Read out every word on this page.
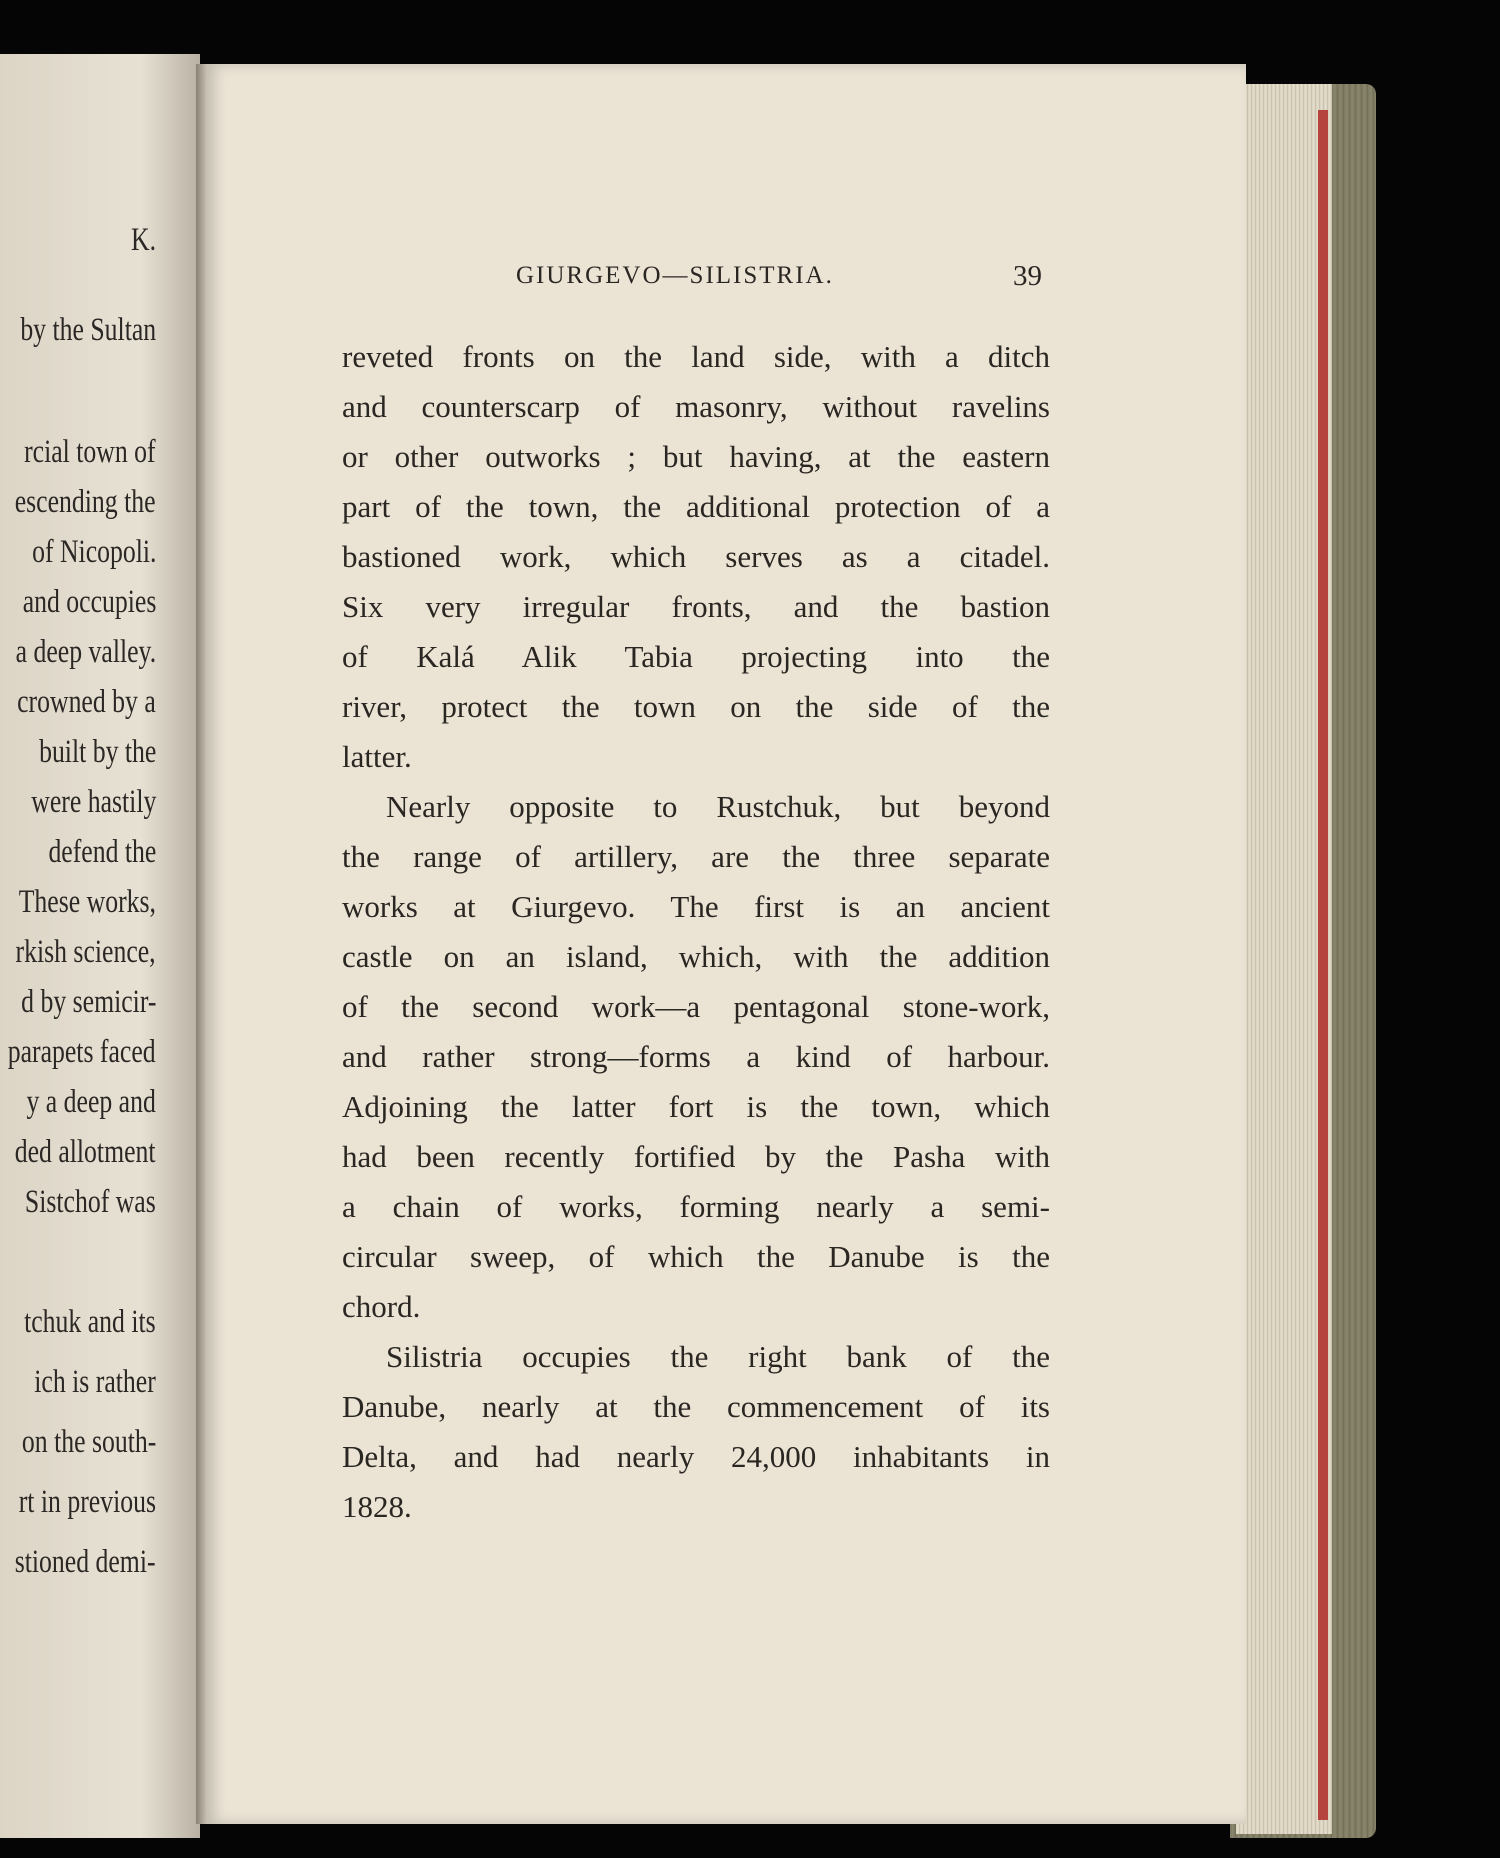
K.
by the Sultan
rcial town of
escending the
of Nicopoli.
and occupies
a deep valley.
crowned by a
built by the
were hastily
defend the
These works,
rkish science,
d by semicir-
parapets faced
y a deep and
ded allotment
Sistchof was
tchuk and its
ich is rather
on the south-
rt in previous
stioned demi-
GIURGEVO—SILISTRIA.	39
reveted fronts on the land side, with a ditch
and counterscarp of masonry, without ravelins
or other outworks ; but having, at the eastern
part of the town, the additional protection of a
bastioned work, which serves as a citadel.
Six very irregular fronts, and the bastion
of Kalá Alik Tabia projecting into the
river, protect the town on the side of the
latter.
Nearly opposite to Rustchuk, but beyond
the range of artillery, are the three separate
works at Giurgevo. The first is an ancient
castle on an island, which, with the addition
of the second work—a pentagonal stone-work,
and rather strong—forms a kind of harbour.
Adjoining the latter fort is the town, which
had been recently fortified by the Pasha with
a chain of works, forming nearly a semi-
circular sweep, of which the Danube is the
chord.
Silistria occupies the right bank of the
Danube, nearly at the commencement of its
Delta, and had nearly 24,000 inhabitants in
1828.
